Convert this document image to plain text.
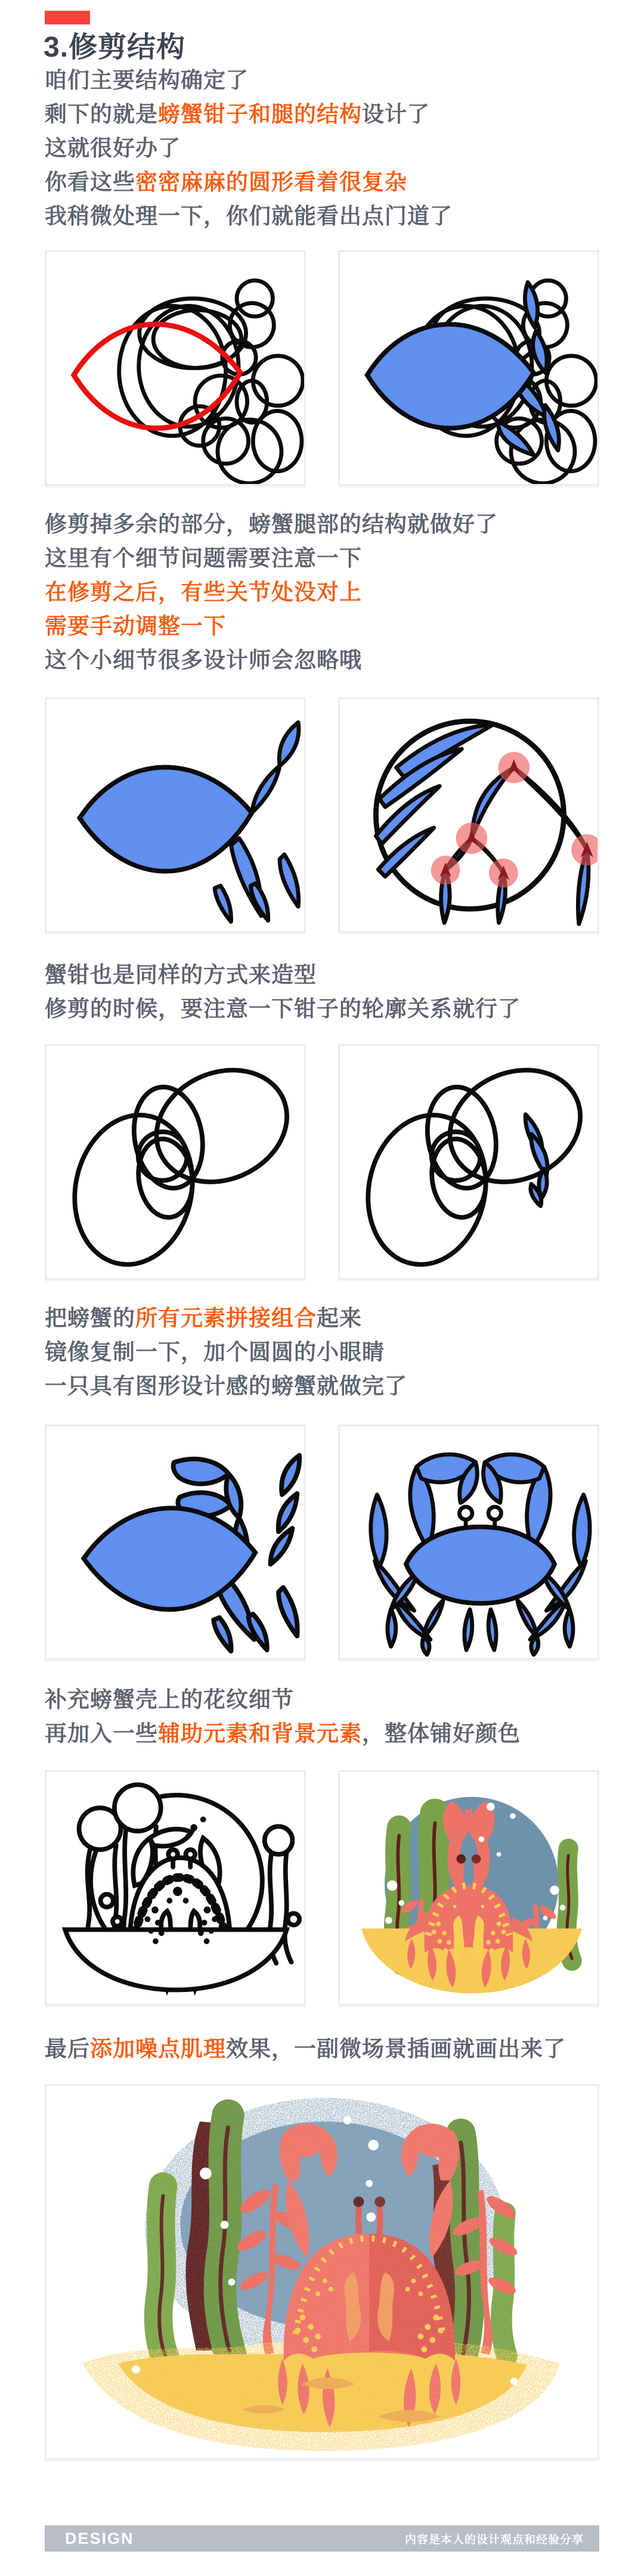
3.修剪结构

咱们主要结构确定了

剩下的就是螃蟹钳子和腿的结构设计了

这就很好办了

你看这些密密麻麻的圆形看着很复杂

我稍微处理一下，你们就能看出点门道了

修剪掉多余的部分，螃蟹腿部的结构就做好了

这里有个细节问题需要注意一下

在修剪之后，有些关节处没对上

需要手动调整一下

这个小细节很多设计师会忽略哦

蟹钳也是同样的方式来造型

修剪的时候，要注意一下钳子的轮廓关系就行了

把螃蟹的所有元素拼接组合起来

镜像复制一下，加个圆圆的小眼睛

一只具有图形设计感的螃蟹就做完了

补充螃蟹壳上的花纹细节

再加入一些辅助元素和背景元素，整体铺好颜色

最后添加噪点肌理效果，一副微场景插画就画出来了

DESIGN	内容是本人的设计观点和经验分享
